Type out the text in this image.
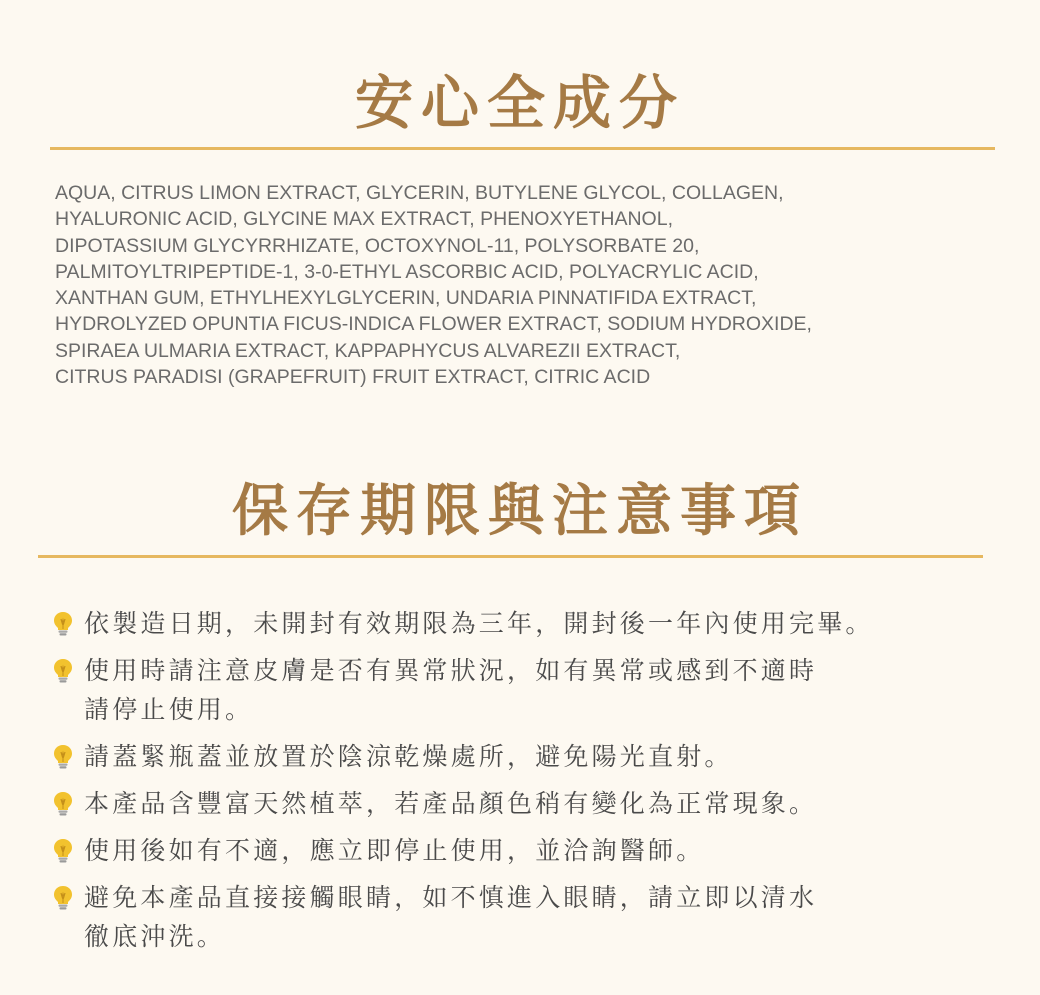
安心全成分
AQUA, CITRUS LIMON EXTRACT, GLYCERIN, BUTYLENE GLYCOL, COLLAGEN,
HYALURONIC ACID, GLYCINE MAX EXTRACT, PHENOXYETHANOL,
DIPOTASSIUM GLYCYRRHIZATE, OCTOXYNOL-11, POLYSORBATE 20,
PALMITOYLTRIPEPTIDE-1, 3-0-ETHYL ASCORBIC ACID, POLYACRYLIC ACID,
XANTHAN GUM, ETHYLHEXYLGLYCERIN, UNDARIA PINNATIFIDA EXTRACT,
HYDROLYZED OPUNTIA FICUS-INDICA FLOWER EXTRACT, SODIUM HYDROXIDE,
SPIRAEA ULMARIA EXTRACT, KAPPAPHYCUS ALVAREZII EXTRACT,
CITRUS PARADISI (GRAPEFRUIT) FRUIT EXTRACT, CITRIC ACID
保存期限與注意事項
依製造日期，未開封有效期限為三年，開封後一年內使用完畢。
使用時請注意皮膚是否有異常狀況，如有異常或感到不適時
請停止使用。
請蓋緊瓶蓋並放置於陰涼乾燥處所，避免陽光直射。
本產品含豐富天然植萃，若產品顏色稍有變化為正常現象。
使用後如有不適，應立即停止使用，並洽詢醫師。
避免本產品直接接觸眼睛，如不慎進入眼睛，請立即以清水
徹底沖洗。
